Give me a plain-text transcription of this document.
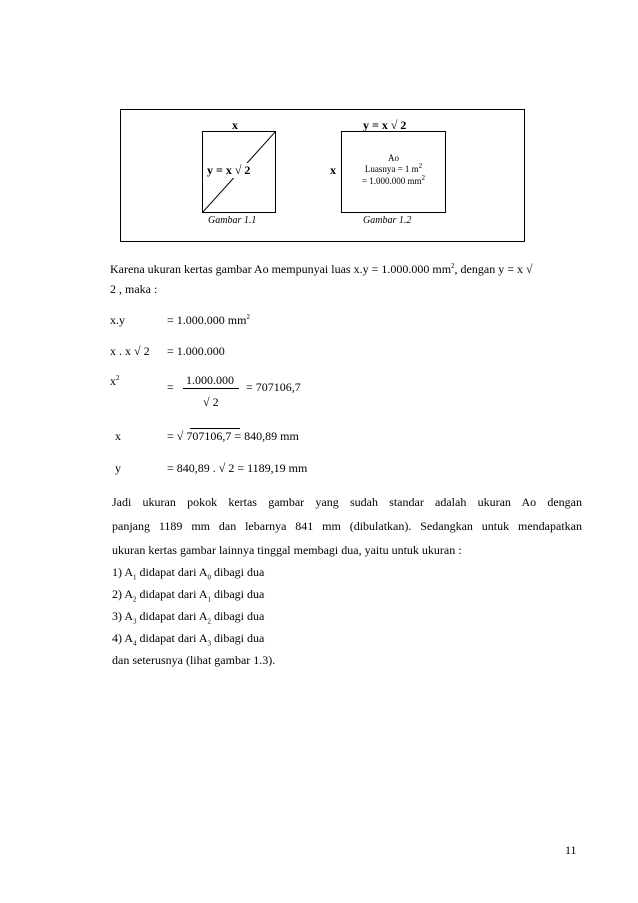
x
y = x √ 2
Gambar 1.1
y = x √ 2
x
Ao
Luasnya = 1 $m^2$
= 1.000.000 $mm^2$
Gambar 1.2
Karena ukuran kertas gambar Ao mempunyai luas x.y = 1.000.000 $mm^2$, dengan y = x √
2 , maka :
x.y	= 1.000.000 $mm^2$
x . x √ 2 = 1.000.000
$x^2$
= 1.000.000
√ 2
= 707106,7
x	= √ 707106,7 = 840,89 mm
y	= 840,89 . √ 2 = 1189,19 mm
Jadi ukuran pokok kertas gambar yang sudah standar adalah ukuran Ao dengan
panjang 1189 mm dan lebarnya 841 mm (dibulatkan). Sedangkan untuk mendapatkan
ukuran kertas gambar lainnya tinggal membagi dua, yaitu untuk ukuran :
1) $A_1$ didapat dari $A_0$ dibagi dua
2) $A_2$ didapat dari $A_1$ dibagi dua
3) $A_3$ didapat dari $A_2$ dibagi dua
4) $A_4$ didapat dari $A_3$ dibagi dua
dan seterusnya (lihat gambar 1.3).
11
